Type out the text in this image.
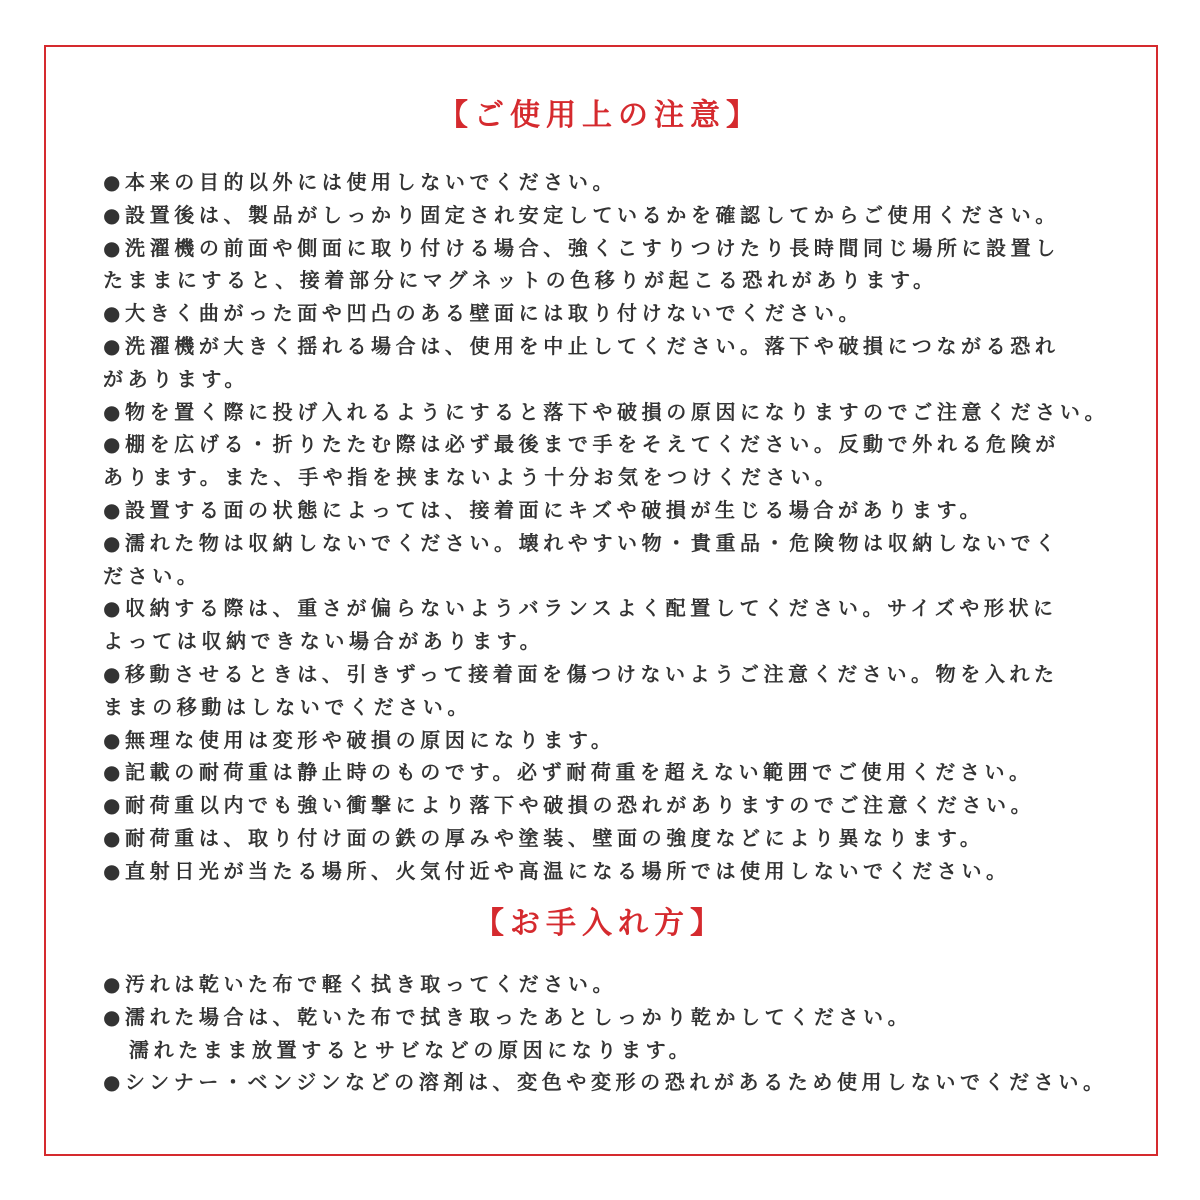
【ご使用上の注意】
●本来の目的以外には使用しないでください。
●設置後は、製品がしっかり固定され安定しているかを確認してからご使用ください。
●洗濯機の前面や側面に取り付ける場合、強くこすりつけたり長時間同じ場所に設置し
たままにすると、接着部分にマグネットの色移りが起こる恐れがあります。
●大きく曲がった面や凹凸のある壁面には取り付けないでください。
●洗濯機が大きく揺れる場合は、使用を中止してください。落下や破損につながる恐れ
があります。
●物を置く際に投げ入れるようにすると落下や破損の原因になりますのでご注意ください。
●棚を広げる・折りたたむ際は必ず最後まで手をそえてください。反動で外れる危険が
あります。また、手や指を挟まないよう十分お気をつけください。
●設置する面の状態によっては、接着面にキズや破損が生じる場合があります。
●濡れた物は収納しないでください。壊れやすい物・貴重品・危険物は収納しないでく
ださい。
●収納する際は、重さが偏らないようバランスよく配置してください。サイズや形状に
よっては収納できない場合があります。
●移動させるときは、引きずって接着面を傷つけないようご注意ください。物を入れた
ままの移動はしないでください。
●無理な使用は変形や破損の原因になります。
●記載の耐荷重は静止時のものです。必ず耐荷重を超えない範囲でご使用ください。
●耐荷重以内でも強い衝撃により落下や破損の恐れがありますのでご注意ください。
●耐荷重は、取り付け面の鉄の厚みや塗装、壁面の強度などにより異なります。
●直射日光が当たる場所、火気付近や高温になる場所では使用しないでください。
【お手入れ方】
●汚れは乾いた布で軽く拭き取ってください。
●濡れた場合は、乾いた布で拭き取ったあとしっかり乾かしてください。
濡れたまま放置するとサビなどの原因になります。
●シンナー・ベンジンなどの溶剤は、変色や変形の恐れがあるため使用しないでください。
